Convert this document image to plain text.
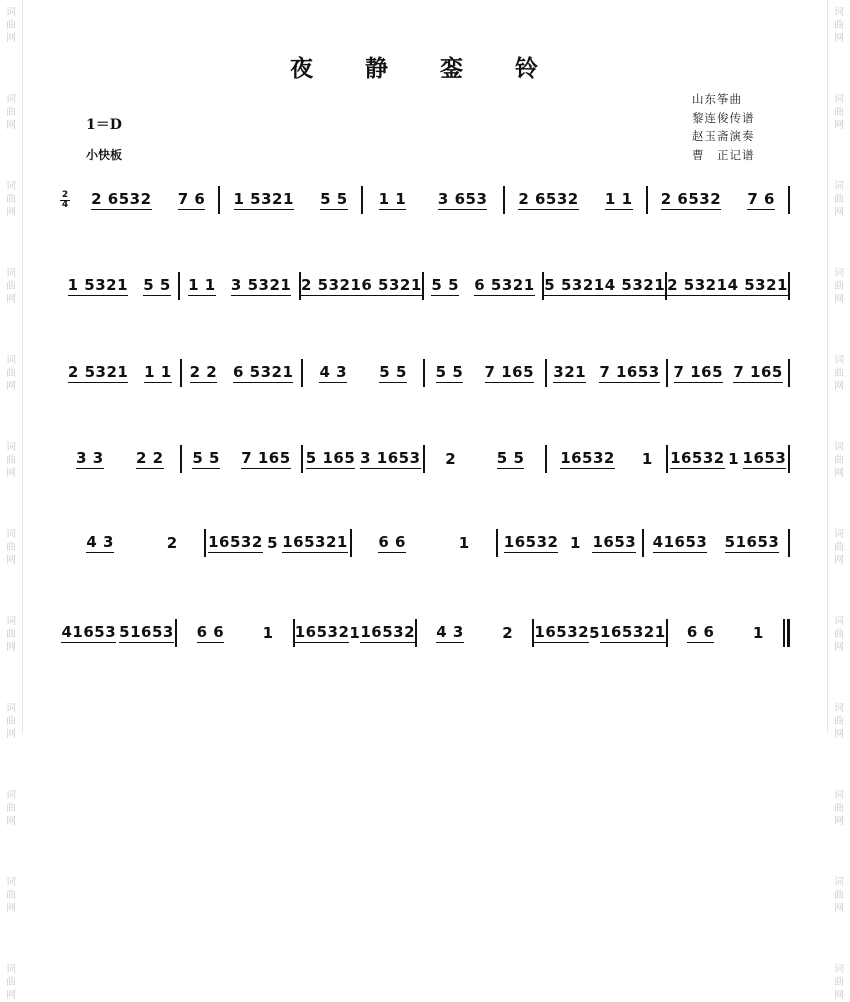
词
曲
网
词
曲
网
词
曲
网
词
曲
网
词
曲
网
词
曲
网
词
曲
网
词
曲
网
词
曲
网
词
曲
网
词
曲
网
词
曲
网
词
曲
网
词
曲
网
词
曲
网
词
曲
网
词
曲
网
词
曲
网
词
曲
网
词
曲
网
词
曲
网
词
曲
网
词
曲
网
词
曲
网
夜 静 銮 铃
1＝D
小快板
山东筝曲
黎连俊传谱
赵玉斋演奏
曹　正记谱
2
4 2 6532 7 6 1 5321 5 5 1 1 3 653 2 6532 1 1 2 6532 7 6
1 5321 5 5 1 1 3 5321 2 5321 6 5321 5 5 6 5321 5 5321 4 5321 2 5321 4 5321
2 5321 1 1 2 2 6 5321 4 3 5 5 5 5 7 165 321 7 1653 7 165 7 165
3 3 2 2 5 5 7 165 5 165 3 1653 2	5 5 16532 1 16532 1 1653
4 3	2 16532 5 165321 6 6	1 16532 1 1653 41653 51653
41653 51653 6 6	1 16532 1 16532 4 3	2 16532 5 165321 6 6	1
